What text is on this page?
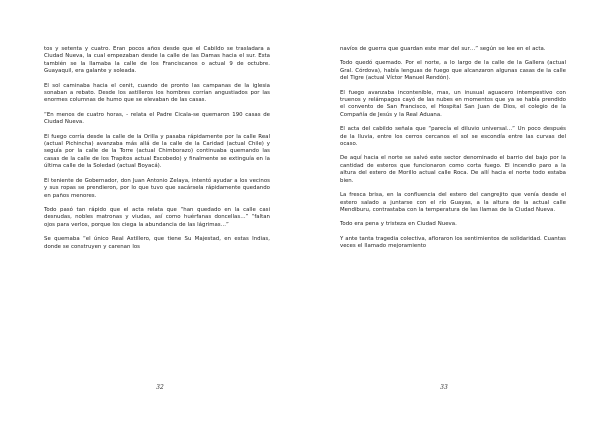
tos y setenta y cuatro. Eran pocos años desde que el Cabildo se trasladara a Ciudad Nueva, la cual empezaban desde la calle de las Damas hacia el sur. Esta también se la llamaba la calle de los Franciscanos o actual 9 de octubre. Guayaquil, era galante y soleada.

El sol caminaba hacia el cenit, cuando de pronto las campanas de la iglesia sonaban a rebato. Desde los astilleros los hombres corrían angustiados por las enormes columnas de humo que se elevaban de las casas.

“En menos de cuatro horas, - relata el Padre Cicala-se quemaron 190 casas de Ciudad Nueva.

El fuego corría desde la calle de la Orilla y pasaba rápidamente por la calle Real (actual Pichincha) avanzaba más allá de la calle de la Caridad (actual Chile) y seguía por la calle de la Torre (actual Chimborazo) continuaba quemando las casas de la calle de los Trapitos actual Escobedo) y finalmente se extinguía en la última calle de la Soledad (actual Boyacá).

El teniente de Gobernador, don Juan Antonio Zelaya, intentó ayudar a los vecinos y sus ropas se prendieron, por lo que tuvo que sacársela rápidamente quedando en paños menores.

Todo pasó tan rápido que el acta relata que “han quedado en la calle casi desnudas, nobles matronas y viudas, así como huérfanas doncellas…” “faltan ojos para verlos, porque los ciega la abundancia de las lágrimas…”

Se quemaba “el único Real Astillero, que tiene Su Majestad, en estas Indias, donde se construyen y carenan los

32

navíos de guerra que guardan este mar del sur…” según se lee en el acta.

Todo quedó quemado. Por el norte, a lo largo de la calle de la Gallera (actual Gral. Córdova), había lenguas de fuego que alcanzaron algunas casas de la calle del Tigre (actual Víctor Manuel Rendón).

El fuego avanzaba incontenible, mas, un inusual aguacero intempestivo con truenos y relámpagos cayó de las nubes en momentos que ya se había prendido el convento de San Francisco, el Hospital San Juan de Dios, el colegio de la Compañía de Jesús y la Real Aduana.

El acta del cabildo señala que “parecía el diluvio universal…” Un poco después de la lluvia, entre los cerros cercanos el sol se escondía entre las curvas del ocaso.

De aquí hacia el norte se salvó este sector denominado el barrio del bajo por la cantidad de esteros que funcionaron como corta fuego. El incendio paro a la altura del estero de Morillo actual calle Roca. De allí hacia el norte todo estaba bien.

La fresca brisa, en la confluencia del estero del cangrejito que venía desde el estero salado a juntarse con el río Guayas, a la altura de la actual calle Mendiburu, contrastaba con la temperatura de las llamas de la Ciudad Nueva.

Todo era pena y tristeza en Ciudad Nueva.

Y ante tanta tragedia colectiva, afloraron los sentimientos de solidaridad. Cuantas veces el llamado mejoramiento

33
